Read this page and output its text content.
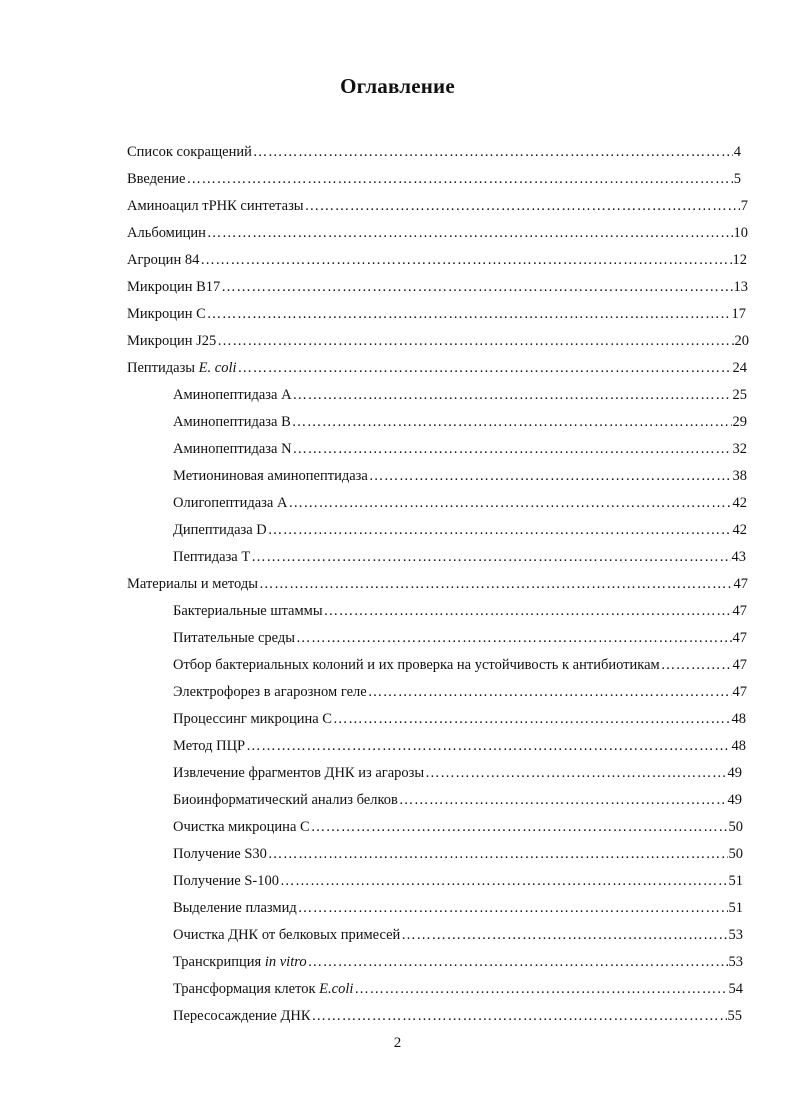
Оглавление
Список сокращений ……………………………………………………………………………………………………………………………………………………………………………………………………	4
Введение ……………………………………………………………………………………………………………………………………………………………………………………………………	5
Аминоацил тРНК синтетазы ……………………………………………………………………………………………………………………………………………………………………………………………………	7
Альбомицин ……………………………………………………………………………………………………………………………………………………………………………………………………	10
Агроцин 84 ……………………………………………………………………………………………………………………………………………………………………………………………………	12
Микроцин B17 ……………………………………………………………………………………………………………………………………………………………………………………………………	13
Микроцин С ……………………………………………………………………………………………………………………………………………………………………………………………………	17
Микроцин J25 ……………………………………………………………………………………………………………………………………………………………………………………………………	20
Пептидазы E. coli ……………………………………………………………………………………………………………………………………………………………………………………………………	24
Аминопептидаза А ……………………………………………………………………………………………………………………………………………………………………………………………………	25
Аминопептидаза В ……………………………………………………………………………………………………………………………………………………………………………………………………	29
Аминопептидаза N ……………………………………………………………………………………………………………………………………………………………………………………………………	32
Метиониновая аминопептидаза ……………………………………………………………………………………………………………………………………………………………………………………………………	38
Олигопептидаза А ……………………………………………………………………………………………………………………………………………………………………………………………………	42
Дипептидаза D ……………………………………………………………………………………………………………………………………………………………………………………………………	42
Пептидаза Т ……………………………………………………………………………………………………………………………………………………………………………………………………	43
Материалы и методы ……………………………………………………………………………………………………………………………………………………………………………………………………	47
Бактериальные штаммы ……………………………………………………………………………………………………………………………………………………………………………………………………	47
Питательные среды ……………………………………………………………………………………………………………………………………………………………………………………………………	47
Отбор бактериальных колоний и их проверка на устойчивость к антибиотикам ……………………………………………………………………………………………………………………………………………………………………………………………………	47
Электрофорез в агарозном геле ……………………………………………………………………………………………………………………………………………………………………………………………………	47
Процессинг микроцина С ……………………………………………………………………………………………………………………………………………………………………………………………………	48
Метод ПЦР ……………………………………………………………………………………………………………………………………………………………………………………………………	48
Извлечение фрагментов ДНК из агарозы ……………………………………………………………………………………………………………………………………………………………………………………………………	49
Биоинформатический анализ белков ……………………………………………………………………………………………………………………………………………………………………………………………………	49
Очистка микроцина С ……………………………………………………………………………………………………………………………………………………………………………………………………	50
Получение S30 ……………………………………………………………………………………………………………………………………………………………………………………………………	50
Получение S-100 ……………………………………………………………………………………………………………………………………………………………………………………………………	51
Выделение плазмид ……………………………………………………………………………………………………………………………………………………………………………………………………	51
Очистка ДНК от белковых примесей ……………………………………………………………………………………………………………………………………………………………………………………………………	53
Транскрипция in vitro ……………………………………………………………………………………………………………………………………………………………………………………………………	53
Трансформация клеток E.coli ……………………………………………………………………………………………………………………………………………………………………………………………………	54
Пересосаждение ДНК ……………………………………………………………………………………………………………………………………………………………………………………………………	55
2
